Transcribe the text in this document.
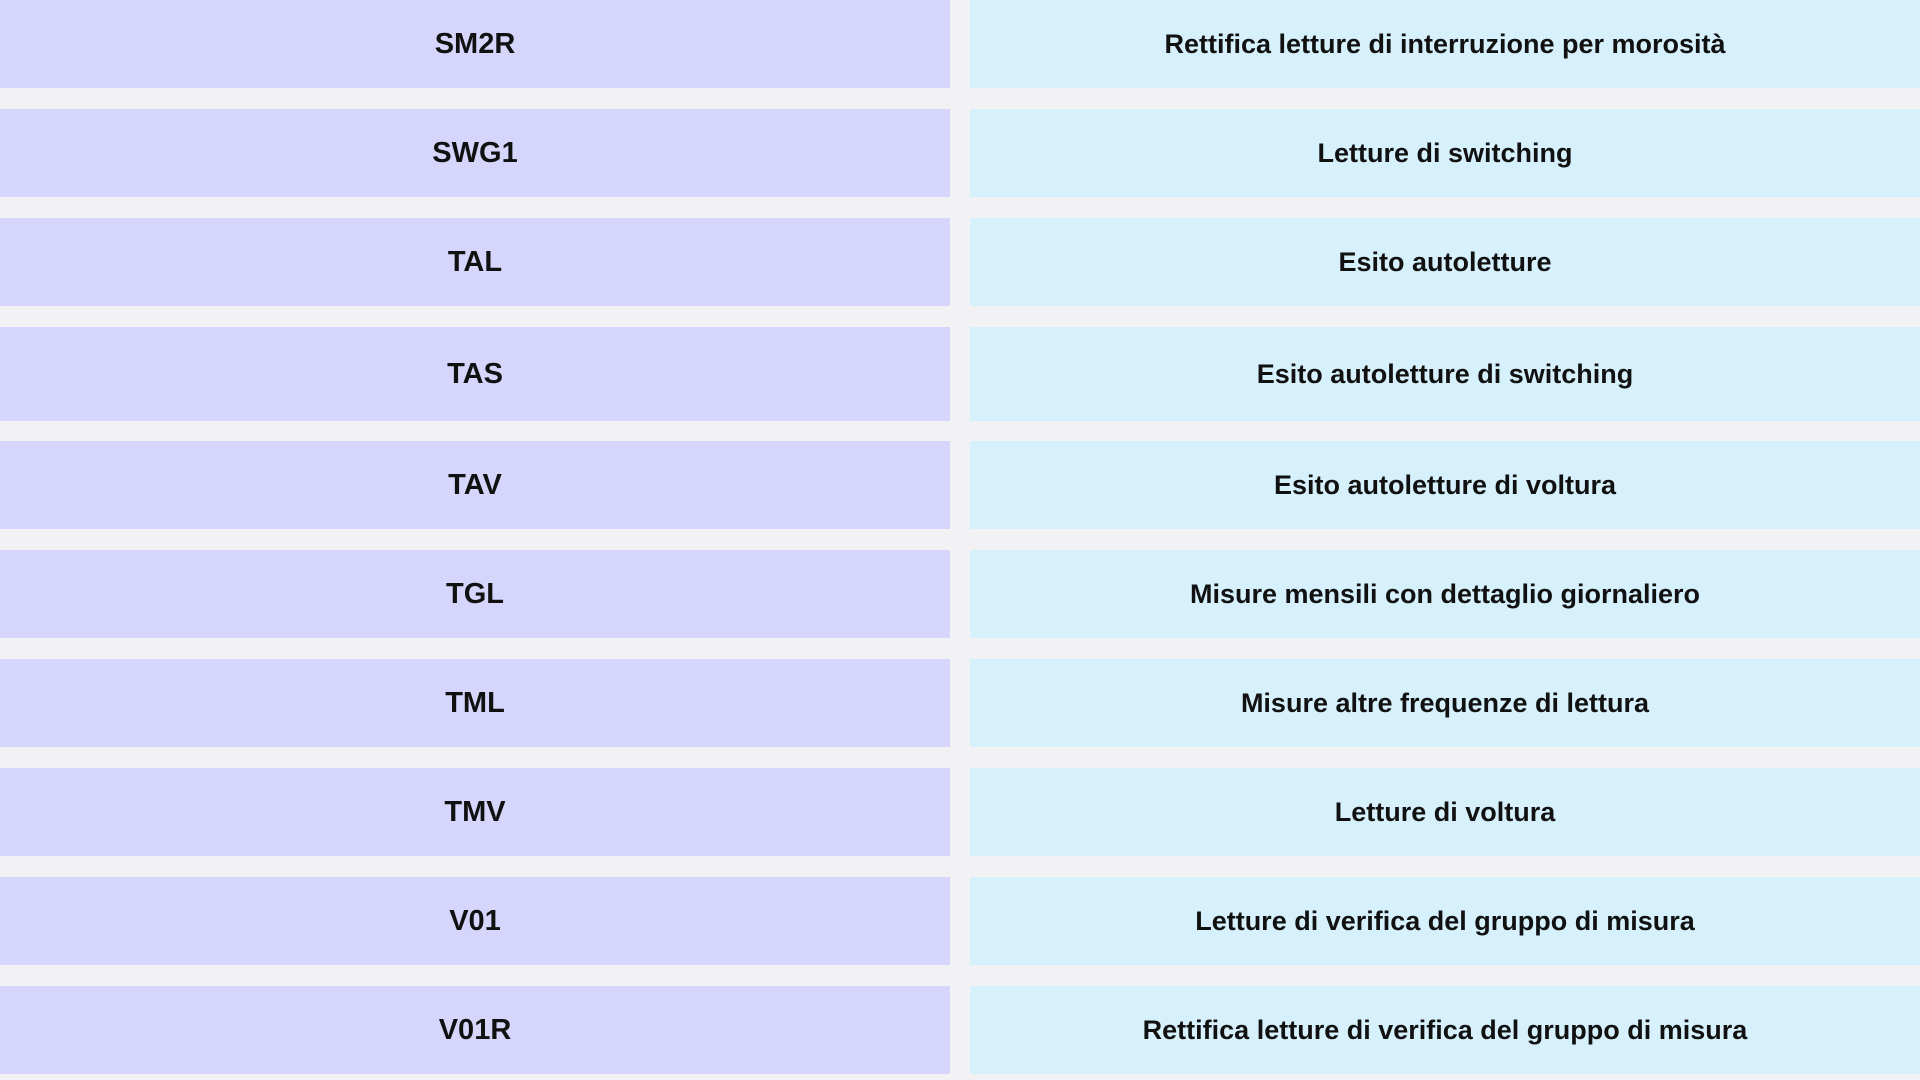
SM2R	Rettifica letture di interruzione per morosità
SWG1	Letture di switching
TAL	Esito autoletture
TAS	Esito autoletture di switching
TAV	Esito autoletture di voltura
TGL	Misure mensili con dettaglio giornaliero
TML	Misure altre frequenze di lettura
TMV	Letture di voltura
V01	Letture di verifica del gruppo di misura
V01R	Rettifica letture di verifica del gruppo di misura
